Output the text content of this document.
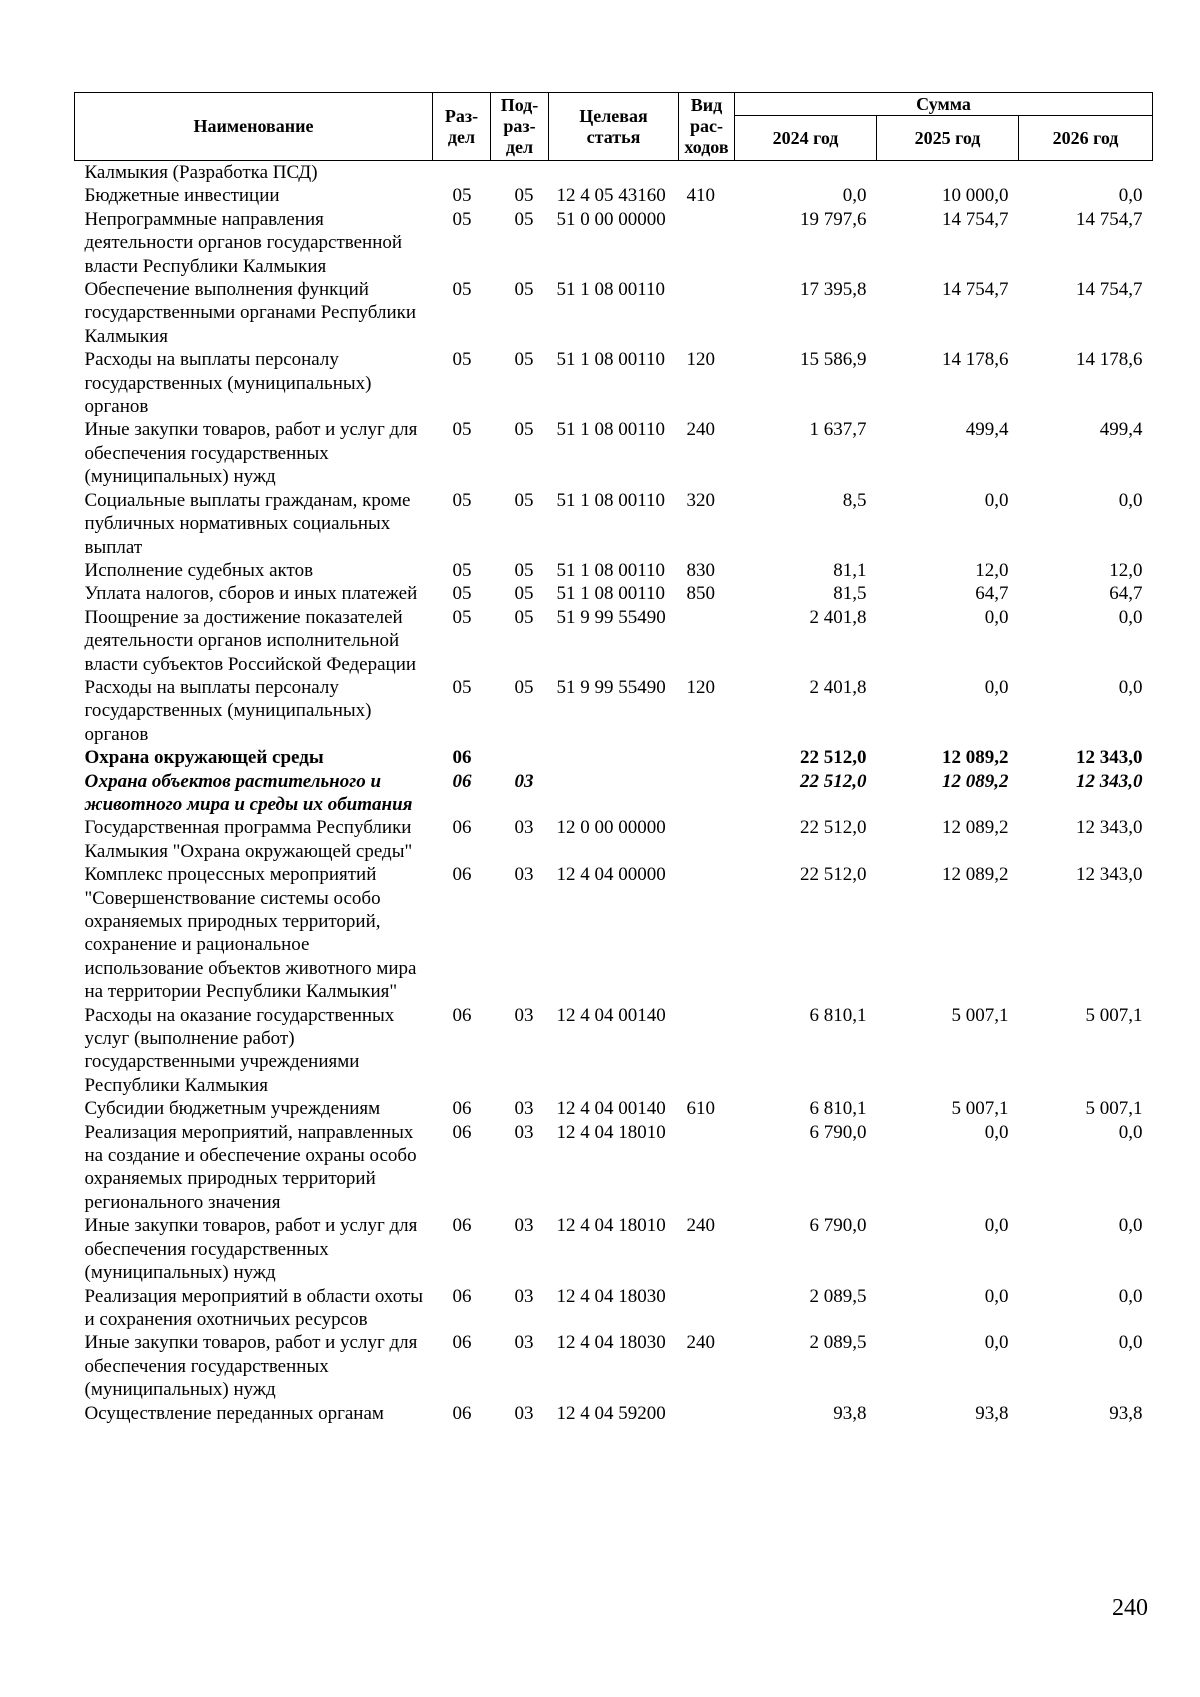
Наименование	Раз-дел	Под-раз-дел	Целевая статья	Вид рас-ходов	Сумма		
					2024 год	2025 год	2026 год
Калмыкия (Разработка ПСД)							
Бюджетные инвестиции	05	05	12 4 05 43160	410	0,0	10 000,0	0,0
Непрограммные направления деятельности органов государственной власти Республики Калмыкия	05	05	51 0 00 00000		19 797,6	14 754,7	14 754,7
Обеспечение выполнения функций государственными органами Республики Калмыкия	05	05	51 1 08 00110		17 395,8	14 754,7	14 754,7
Расходы на выплаты персоналу государственных (муниципальных) органов	05	05	51 1 08 00110	120	15 586,9	14 178,6	14 178,6
Иные закупки товаров, работ и услуг для обеспечения государственных (муниципальных) нужд	05	05	51 1 08 00110	240	1 637,7	499,4	499,4
Социальные выплаты гражданам, кроме публичных нормативных социальных выплат	05	05	51 1 08 00110	320	8,5	0,0	0,0
Исполнение судебных актов	05	05	51 1 08 00110	830	81,1	12,0	12,0
Уплата налогов, сборов и иных платежей	05	05	51 1 08 00110	850	81,5	64,7	64,7
Поощрение за достижение показателей деятельности органов исполнительной власти субъектов Российской Федерации	05	05	51 9 99 55490		2 401,8	0,0	0,0
Расходы на выплаты персоналу государственных (муниципальных) органов	05	05	51 9 99 55490	120	2 401,8	0,0	0,0
Охрана окружающей среды	06				22 512,0	12 089,2	12 343,0
Охрана объектов растительного и животного мира и среды их обитания	06	03			22 512,0	12 089,2	12 343,0
Государственная программа Республики Калмыкия "Охрана окружающей среды"	06	03	12 0 00 00000		22 512,0	12 089,2	12 343,0
Комплекс процессных мероприятий "Совершенствование системы особо охраняемых природных территорий, сохранение и рациональное использование объектов животного мира на территории Республики Калмыкия"	06	03	12 4 04 00000		22 512,0	12 089,2	12 343,0
Расходы на оказание государственных услуг (выполнение работ) государственными учреждениями Республики Калмыкия	06	03	12 4 04 00140		6 810,1	5 007,1	5 007,1
Субсидии бюджетным учреждениям	06	03	12 4 04 00140	610	6 810,1	5 007,1	5 007,1
Реализация мероприятий, направленных на создание и обеспечение охраны особо охраняемых природных территорий регионального значения	06	03	12 4 04 18010		6 790,0	0,0	0,0
Иные закупки товаров, работ и услуг для обеспечения государственных (муниципальных) нужд	06	03	12 4 04 18010	240	6 790,0	0,0	0,0
Реализация мероприятий в области охоты и сохранения охотничьих ресурсов	06	03	12 4 04 18030		2 089,5	0,0	0,0
Иные закупки товаров, работ и услуг для обеспечения государственных (муниципальных) нужд	06	03	12 4 04 18030	240	2 089,5	0,0	0,0
Осуществление переданных органам	06	03	12 4 04 59200		93,8	93,8	93,8
240
